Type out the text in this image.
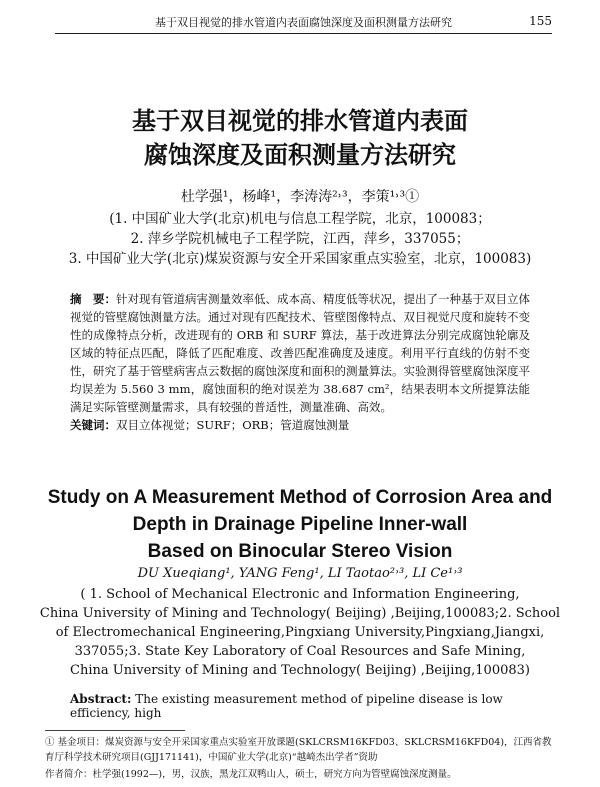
基于双目视觉的排水管道内表面腐蚀深度及面积测量方法研究	155
基于双目视觉的排水管道内表面
腐蚀深度及面积测量方法研究
杜学强¹，杨峰¹，李涛涛²˒³，李策¹˒³①
(1. 中国矿业大学(北京)机电与信息工程学院，北京，100083；
2. 萍乡学院机械电子工程学院，江西，萍乡，337055；
3. 中国矿业大学(北京)煤炭资源与安全开采国家重点实验室，北京，100083)
摘　要：针对现有管道病害测量效率低、成本高、精度低等状况，提出了一种基于双目立体视觉的管壁腐蚀测量方法。通过对现有匹配技术、管壁图像特点、双目视觉尺度和旋转不变性的成像特点分析，改进现有的 ORB 和 SURF 算法，基于改进算法分别完成腐蚀轮廓及区域的特征点匹配，降低了匹配难度、改善匹配准确度及速度。利用平行直线的仿射不变性，研究了基于管壁病害点云数据的腐蚀深度和面积的测量算法。实验测得管壁腐蚀深度平均误差为 5.560 3 mm，腐蚀面积的绝对误差为 38.687 cm²，结果表明本文所提算法能满足实际管壁测量需求，具有较强的普适性，测量准确、高效。
关键词：双目立体视觉；SURF；ORB；管道腐蚀测量
Study on A Measurement Method of Corrosion Area and
Depth in Drainage Pipeline Inner-wall
Based on Binocular Stereo Vision
DU Xueqiang¹, YANG Feng¹, LI Taotao²˒³, LI Ce¹˒³
( 1. School of Mechanical Electronic and Information Engineering,
China University of Mining and Technology( Beijing) ,Beijing,100083;2. School
of Electromechanical Engineering,Pingxiang University,Pingxiang,Jiangxi,
337055;3. State Key Laboratory of Coal Resources and Safe Mining,
China University of Mining and Technology( Beijing) ,Beijing,100083)
Abstract: The existing measurement method of pipeline disease is low efficiency, high
① 基金项目：煤炭资源与安全开采国家重点实验室开放课题(SKLCRSM16KFD03、SKLCRSM16KFD04)，江西省教育厅科学技术研究项目(GJJ171141)，中国矿业大学(北京)“越崎杰出学者”资助
作者简介：杜学强(1992—)，男，汉族，黑龙江双鸭山人，硕士，研究方向为管壁腐蚀深度测量。
